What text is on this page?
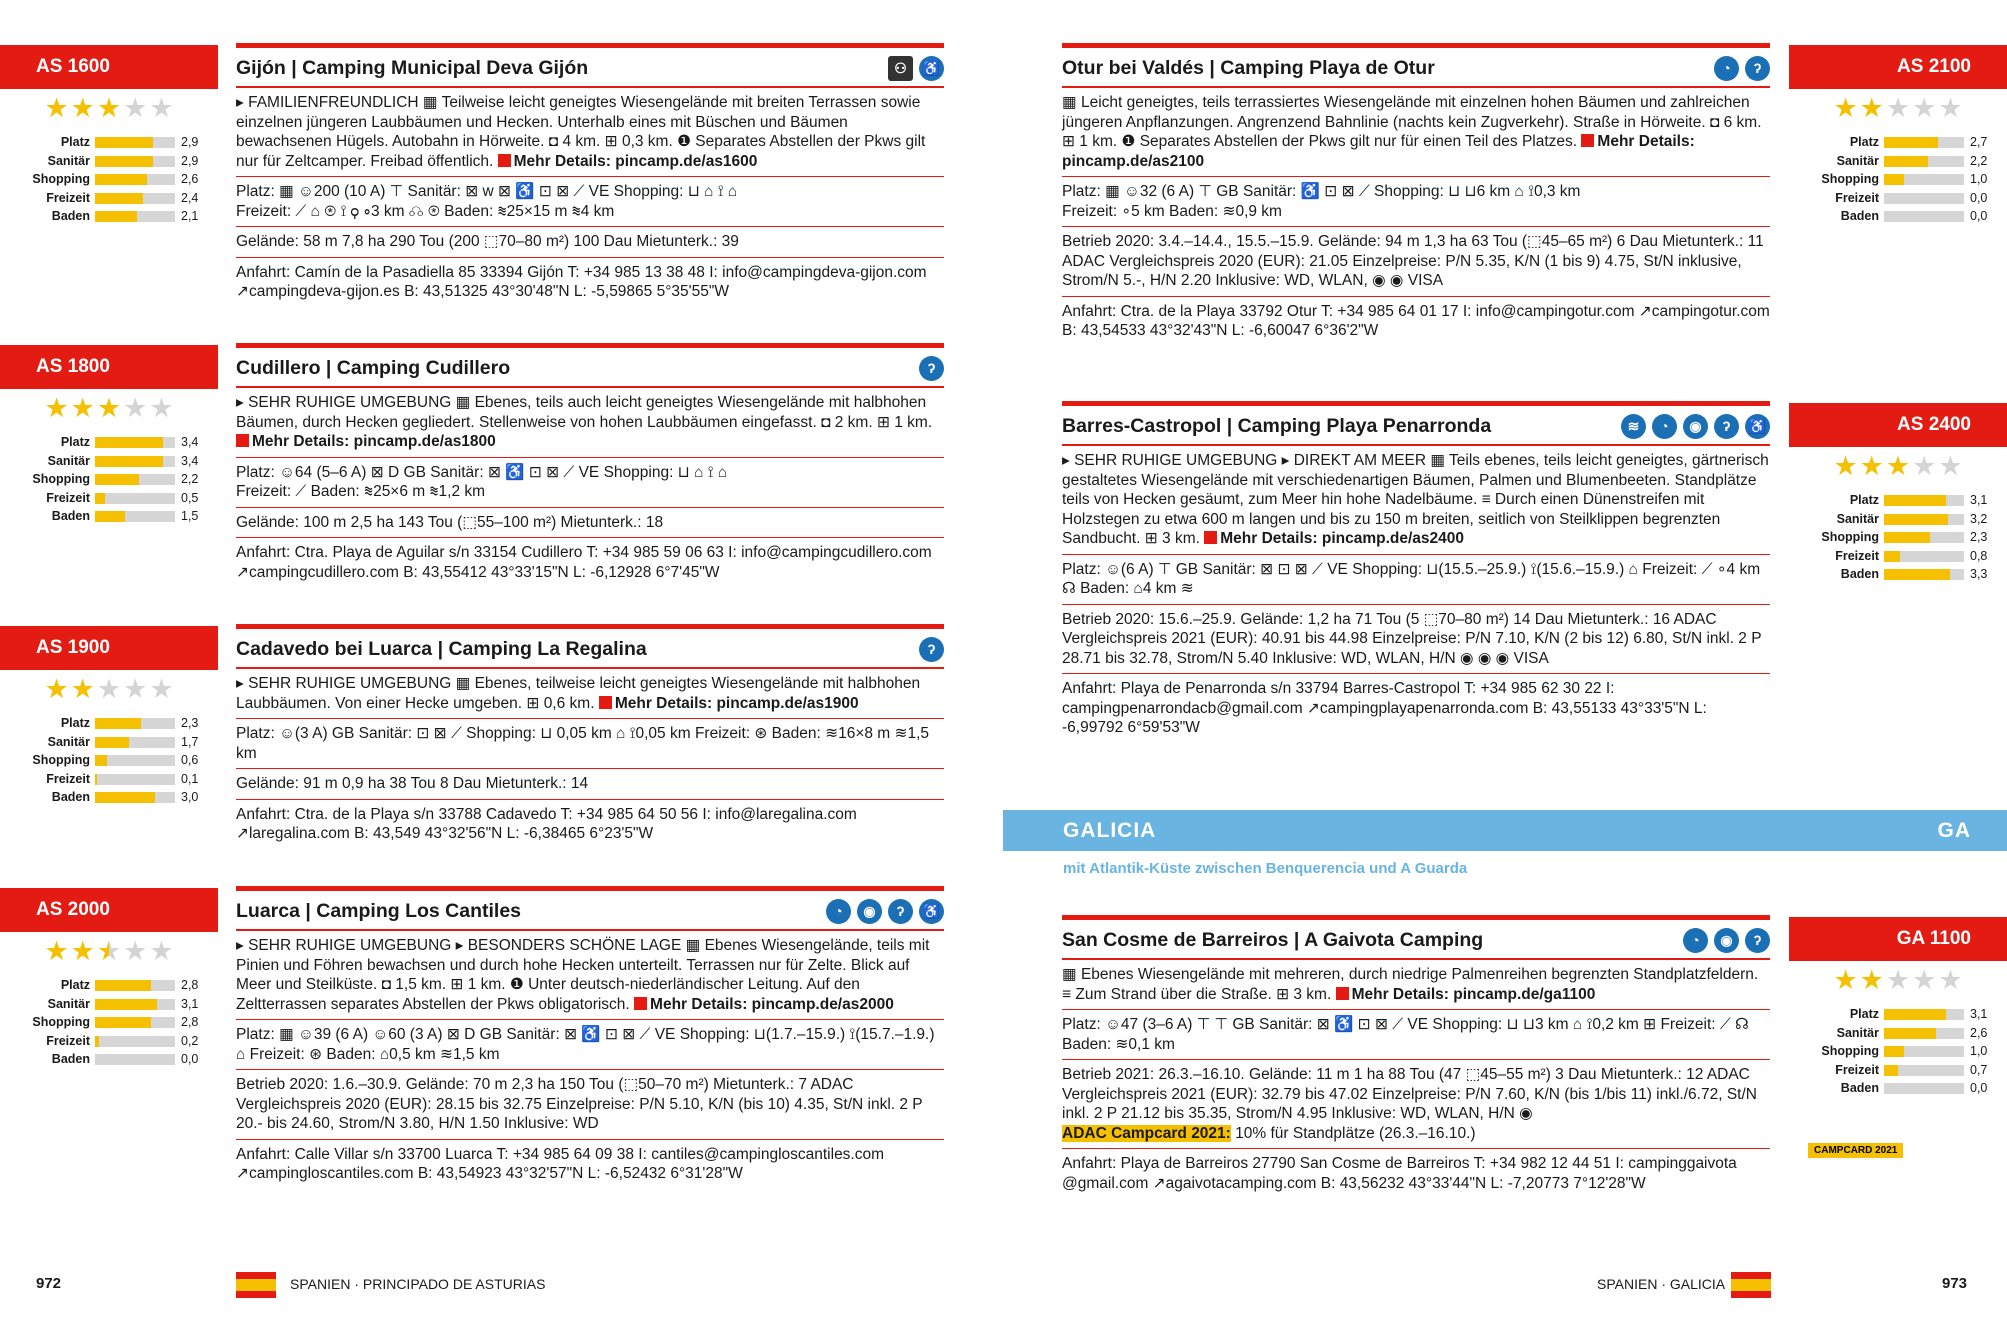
AS 1600
★ ★ ★ ★ ★
Platz	2,9
Sanitär	2,9
Shopping	2,6
Freizeit	2,4
Baden	2,1
Gijón | Camping Municipal Deva Gijón	⚇	♿
▸ FAMILIENFREUNDLICH ▦ Teilweise leicht geneigtes Wiesengelände mit breiten Terrassen sowie einzelnen jüngeren Laubbäumen und Hecken. Unterhalb eines mit Büschen und Bäumen bewachsenen Hügels. Autobahn in Hörweite. ◘ 4 km. ⊞ 0,3 km. ❶ Separates Abstellen der Pkws gilt nur für Zeltcamper. Freibad öffentlich. Mehr Details: pincamp.de/as1600
Platz: ▦ ☺200 (10 A) ⊤ Sanitär: ⊠ w ⊠ ♿ ⊡ ⊠ ⟋ VE Shopping: ⊔ ⌂ ⟟ ⌂
Freizeit: ⟋ ⌂ ⊛ ⟟ ⚲ ∘3 km ☊ ⊛ Baden: ≋25×15 m ≋4 km
Gelände: 58 m 7,8 ha 290 Tou (200 ⬚70–80 m²) 100 Dau Mietunterk.: 39
Anfahrt: Camín de la Pasadiella 85 33394 Gijón T: +34 985 13 38 48 I: info@campingdeva-gijon.com ↗campingdeva-gijon.es B: 43,51325 43°30'48"N L: -5,59865 5°35'55"W
AS 1800
★ ★ ★ ★ ★
Platz	3,4
Sanitär	3,4
Shopping	2,2
Freizeit	0,5
Baden	1,5
Cudillero | Camping Cudillero	ʔ
▸ SEHR RUHIGE UMGEBUNG ▦ Ebenes, teils auch leicht geneigtes Wiesengelände mit halbhohen Bäumen, durch Hecken gegliedert. Stellenweise von hohen Laubbäumen eingefasst. ◘ 2 km. ⊞ 1 km. Mehr Details: pincamp.de/as1800
Platz: ☺64 (5–6 A) ⊠ D GB Sanitär: ⊠ ♿ ⊡ ⊠ ⟋ VE Shopping: ⊔ ⌂ ⟟ ⌂
Freizeit: ⟋ Baden: ≋25×6 m ≋1,2 km
Gelände: 100 m 2,5 ha 143 Tou (⬚55–100 m²) Mietunterk.: 18
Anfahrt: Ctra. Playa de Aguilar s/n 33154 Cudillero T: +34 985 59 06 63 I: info@campingcudillero.com ↗campingcudillero.com B: 43,55412 43°33'15"N L: -6,12928 6°7'45"W
AS 1900
★ ★ ★ ★ ★
Platz	2,3
Sanitär	1,7
Shopping	0,6
Freizeit	0,1
Baden	3,0
Cadavedo bei Luarca | Camping La Regalina	ʔ
▸ SEHR RUHIGE UMGEBUNG ▦ Ebenes, teilweise leicht geneigtes Wiesengelände mit halbhohen Laubbäumen. Von einer Hecke umgeben. ⊞ 0,6 km. Mehr Details: pincamp.de/as1900
Platz: ☺(3 A) GB Sanitär: ⊡ ⊠ ⟋ Shopping: ⊔ 0,05 km ⌂ ⟟0,05 km Freizeit: ⊛ Baden: ≋16×8 m ≋1,5 km
Gelände: 91 m 0,9 ha 38 Tou 8 Dau Mietunterk.: 14
Anfahrt: Ctra. de la Playa s/n 33788 Cadavedo T: +34 985 64 50 56 I: info@laregalina.com ↗laregalina.com B: 43,549 43°32'56"N L: -6,38465 6°23'5"W
AS 2000
★ ★ ★ ★ ★
Platz	2,8
Sanitär	3,1
Shopping	2,8
Freizeit	0,2
Baden	0,0
Luarca | Camping Los Cantiles	◔	◉	ʔ	♿
▸ SEHR RUHIGE UMGEBUNG ▸ BESONDERS SCHÖNE LAGE ▦ Ebenes Wiesengelände, teils mit Pinien und Föhren bewachsen und durch hohe Hecken unterteilt. Terrassen nur für Zelte. Blick auf Meer und Steilküste. ◘ 1,5 km. ⊞ 1 km. ❶ Unter deutsch-niederländischer Leitung. Auf den Zeltterrassen separates Abstellen der Pkws obligatorisch. Mehr Details: pincamp.de/as2000
Platz: ▦ ☺39 (6 A) ☺60 (3 A) ⊠ D GB Sanitär: ⊠ ♿ ⊡ ⊠ ⟋ VE Shopping: ⊔(1.7.–15.9.) ⟟(15.7.–1.9.) ⌂ Freizeit: ⊛ Baden: ⌂0,5 km ≋1,5 km
Betrieb 2020: 1.6.–30.9. Gelände: 70 m 2,3 ha 150 Tou (⬚50–70 m²) Mietunterk.: 7 ADAC Vergleichspreis 2020 (EUR): 28.15 bis 32.75 Einzelpreise: P/N 5.10, K/N (bis 10) 4.35, St/N inkl. 2 P 20.- bis 24.60, Strom/N 3.80, H/N 1.50 Inklusive: WD
Anfahrt: Calle Villar s/n 33700 Luarca T: +34 985 64 09 38 I: cantiles@campingloscantiles.com ↗campingloscantiles.com B: 43,54923 43°32'57"N L: -6,52432 6°31'28"W
972	SPANIEN · PRINCIPADO DE ASTURIAS
AS 2100
★ ★ ★ ★ ★
Platz	2,7
Sanitär	2,2
Shopping	1,0
Freizeit	0,0
Baden	0,0
Otur bei Valdés | Camping Playa de Otur	◔	ʔ
▦ Leicht geneigtes, teils terrassiertes Wiesengelände mit einzelnen hohen Bäumen und zahlreichen jüngeren Anpflanzungen. Angrenzend Bahnlinie (nachts kein Zugverkehr). Straße in Hörweite. ◘ 6 km. ⊞ 1 km. ❶ Separates Abstellen der Pkws gilt nur für einen Teil des Platzes. Mehr Details: pincamp.de/as2100
Platz: ▦ ☺32 (6 A) ⊤ GB Sanitär: ♿ ⊡ ⊠ ⟋ Shopping: ⊔ ⊔6 km ⌂ ⟟0,3 km
Freizeit: ∘5 km Baden: ≋0,9 km
Betrieb 2020: 3.4.–14.4., 15.5.–15.9. Gelände: 94 m 1,3 ha 63 Tou (⬚45–65 m²) 6 Dau Mietunterk.: 11 ADAC Vergleichspreis 2020 (EUR): 21.05 Einzelpreise: P/N 5.35, K/N (1 bis 9) 4.75, St/N inklusive, Strom/N 5.-, H/N 2.20 Inklusive: WD, WLAN, ◉ ◉ VISA
Anfahrt: Ctra. de la Playa 33792 Otur T: +34 985 64 01 17 I: info@campingotur.com ↗campingotur.com B: 43,54533 43°32'43"N L: -6,60047 6°36'2"W
AS 2400
★ ★ ★ ★ ★
Platz	3,1
Sanitär	3,2
Shopping	2,3
Freizeit	0,8
Baden	3,3
Barres-Castropol | Camping Playa Penarronda	≋	◔	◉	ʔ	♿
▸ SEHR RUHIGE UMGEBUNG ▸ DIREKT AM MEER ▦ Teils ebenes, teils leicht geneigtes, gärtnerisch gestaltetes Wiesengelände mit verschiedenartigen Bäumen, Palmen und Blumenbeeten. Standplätze teils von Hecken gesäumt, zum Meer hin hohe Nadelbäume. ≡ Durch einen Dünenstreifen mit Holzstegen zu etwa 600 m langen und bis zu 150 m breiten, seitlich von Steilklippen begrenzten Sandbucht. ⊞ 3 km. Mehr Details: pincamp.de/as2400
Platz: ☺(6 A) ⊤ GB Sanitär: ⊠ ⊡ ⊠ ⟋ VE Shopping: ⊔(15.5.–25.9.) ⟟(15.6.–15.9.) ⌂ Freizeit: ⟋ ∘4 km ☊ Baden: ⌂4 km ≋
Betrieb 2020: 15.6.–25.9. Gelände: 1,2 ha 71 Tou (5 ⬚70–80 m²) 14 Dau Mietunterk.: 16 ADAC Vergleichspreis 2021 (EUR): 40.91 bis 44.98 Einzelpreise: P/N 7.10, K/N (2 bis 12) 6.80, St/N inkl. 2 P 28.71 bis 32.78, Strom/N 5.40 Inklusive: WD, WLAN, H/N ◉ ◉ ◉ VISA
Anfahrt: Playa de Penarronda s/n 33794 Barres-Castropol T: +34 985 62 30 22 I: campingpenarrondacb@gmail.com ↗campingplayapenarronda.com B: 43,55133 43°33'5"N L: -6,99792 6°59'53"W
GALICIA	GA
mit Atlantik-Küste zwischen Benquerencia und A Guarda
GA 1100
★ ★ ★ ★ ★
CAMPCARD 2021
Platz	3,1
Sanitär	2,6
Shopping	1,0
Freizeit	0,7
Baden	0,0
San Cosme de Barreiros | A Gaivota Camping	◔	◉	ʔ
▦ Ebenes Wiesengelände mit mehreren, durch niedrige Palmenreihen begrenzten Standplatzfeldern. ≡ Zum Strand über die Straße. ⊞ 3 km. Mehr Details: pincamp.de/ga1100
Platz: ☺47 (3–6 A) ⊤ ⊤ GB Sanitär: ⊠ ♿ ⊡ ⊠ ⟋ VE Shopping: ⊔ ⊔3 km ⌂ ⟟0,2 km ⊞ Freizeit: ⟋ ☊ Baden: ≋0,1 km
Betrieb 2021: 26.3.–16.10. Gelände: 11 m 1 ha 88 Tou (47 ⬚45–55 m²) 3 Dau Mietunterk.: 12 ADAC Vergleichspreis 2021 (EUR): 32.79 bis 47.02 Einzelpreise: P/N 7.60, K/N (bis 1/bis 11) inkl./6.72, St/N inkl. 2 P 21.12 bis 35.35, Strom/N 4.95 Inklusive: WD, WLAN, H/N ◉
ADAC Campcard 2021: 10% für Standplätze (26.3.–16.10.)
Anfahrt: Playa de Barreiros 27790 San Cosme de Barreiros T: +34 982 12 44 51 I: campinggaivota @gmail.com ↗agaivotacamping.com B: 43,56232 43°33'44"N L: -7,20773 7°12'28"W
SPANIEN · GALICIA	973
